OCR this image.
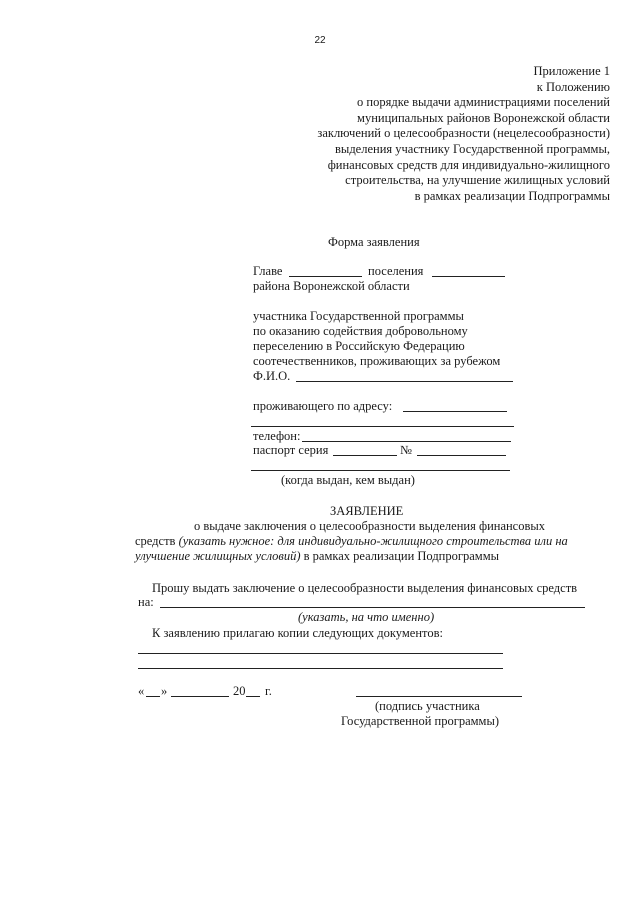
22
Приложение 1
к Положению
о порядке выдачи администрациями поселений
муниципальных районов Воронежской области
заключений о целесообразности (нецелесообразности)
выделения участнику Государственной программы,
финансовых средств для индивидуально-жилищного
строительства, на улучшение жилищных условий
в рамках реализации Подпрограммы
Форма заявления
Главе	поселения
района Воронежской области
участника Государственной программы
по оказанию содействия добровольному
переселению в Российскую Федерацию
соотечественников, проживающих за рубежом
Ф.И.О.
проживающего по адресу:
телефон:
паспорт серия	№
(когда выдан, кем выдан)
ЗАЯВЛЕНИЕ
о выдаче заключения о целесообразности выделения финансовых
средств (указать нужное: для индивидуально-жилищного строительства или на
улучшение жилищных условий) в рамках реализации Подпрограммы
Прошу выдать заключение о целесообразности выделения финансовых средств
на:
(указать, на что именно)
К заявлению прилагаю копии следующих документов:
« »	20 г.
(подпись участника
Государственной программы)
